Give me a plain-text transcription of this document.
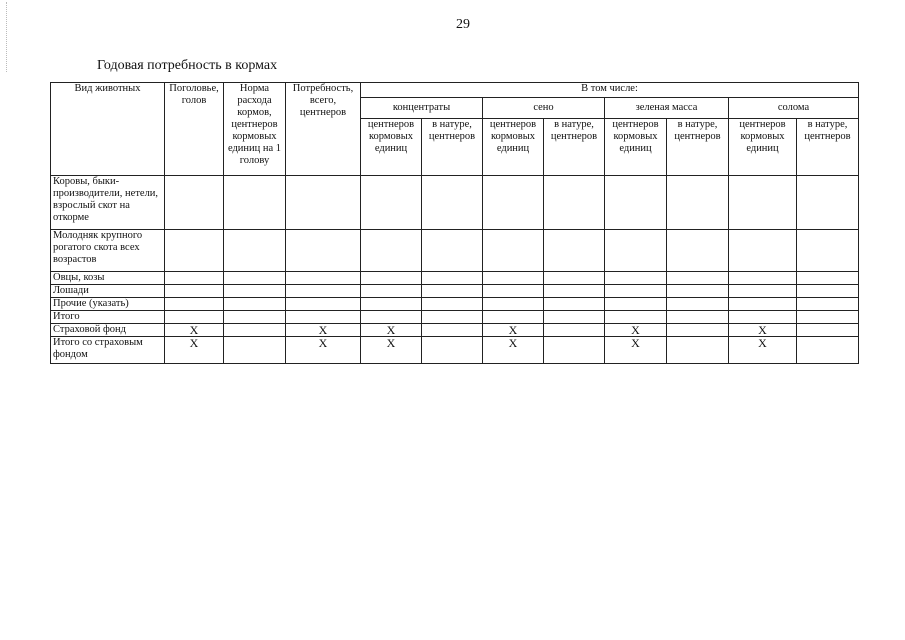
29
Годовая потребность в кормах
Вид животных	Поголовье, голов	Норма расхода кормов, центнеров кормовых единиц на 1 голову	Потребность, всего, центнеров	В том числе:							
				концентраты		сено		зеленая масса		солома	
				центнеров кормовых единиц	в натуре, центнеров	центнеров кормовых единиц	в натуре, центнеров	центнеров кормовых единиц	в натуре, центнеров	центнеров кормовых единиц	в натуре, центнеров
Коровы, быки-производители, нетели, взрослый скот на откорме											
Молодняк крупного рогатого скота всех возрастов											
Овцы, козы											
Лошади											
Прочие (указать)											
Итого											
Страховой фонд	X		X	X		X		X		X	
Итого со страховым фондом	X		X	X		X		X		X	
